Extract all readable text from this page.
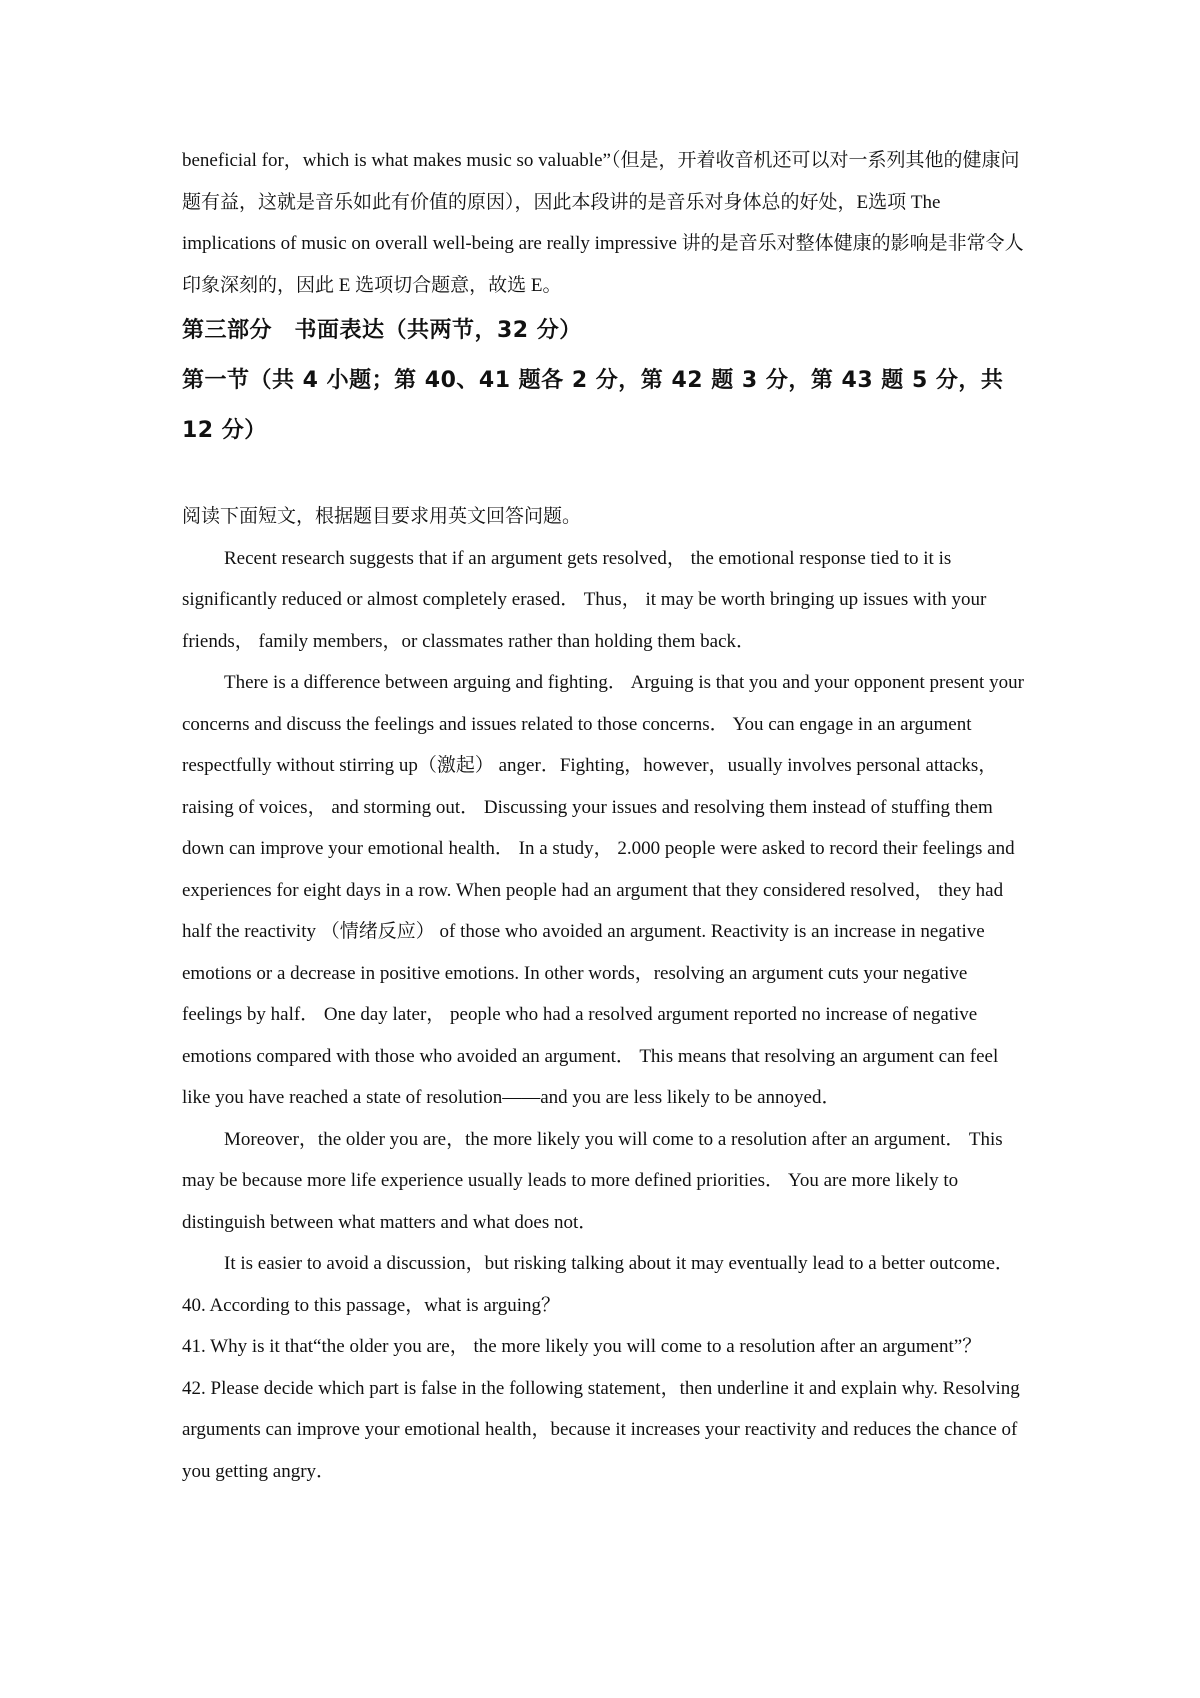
beneficial for，which is what makes music so valuable”（但是，开着收音机还可以对一系列其他的健康问题有益，这就是音乐如此有价值的原因），因此本段讲的是音乐对身体总的好处，E选项 The implications of music on overall well-being are really impressive 讲的是音乐对整体健康的影响是非常令人印象深刻的，因此 E 选项切合题意，故选 E。

第三部分　书面表达（共两节，32 分）

第一节（共 4 小题；第 40、41 题各 2 分，第 42 题 3 分，第 43 题 5 分，共 12 分）

阅读下面短文，根据题目要求用英文回答问题。

Recent research suggests that if an argument gets resolved， the emotional response tied to it is significantly reduced or almost completely erased． Thus， it may be worth bringing up issues with your friends， family members，or classmates rather than holding them back．

There is a difference between arguing and fighting． Arguing is that you and your opponent present your concerns and discuss the feelings and issues related to those concerns． You can engage in an argument respectfully without stirring up（激起） anger．Fighting，however，usually involves personal attacks，raising of voices， and storming out． Discussing your issues and resolving them instead of stuffing them down can improve your emotional health． In a study， 2.000 people were asked to record their feelings and experiences for eight days in a row. When people had an argument that they considered resolved， they had half the reactivity （情绪反应） of those who avoided an argument. Reactivity is an increase in negative emotions or a decrease in positive emotions. In other words，resolving an argument cuts your negative feelings by half． One day later， people who had a resolved argument reported no increase of negative emotions compared with those who avoided an argument． This means that resolving an argument can feel like you have reached a state of resolution——and you are less likely to be annoyed．

Moreover，the older you are，the more likely you will come to a resolution after an argument． This may be because more life experience usually leads to more defined priorities． You are more likely to distinguish between what matters and what does not．

It is easier to avoid a discussion，but risking talking about it may eventually lead to a better outcome．

40. According to this passage，what is arguing？

41. Why is it that“the older you are， the more likely you will come to a resolution after an argument”？

42. Please decide which part is false in the following statement，then underline it and explain why. Resolving arguments can improve your emotional health，because it increases your reactivity and reduces the chance of you getting angry．
